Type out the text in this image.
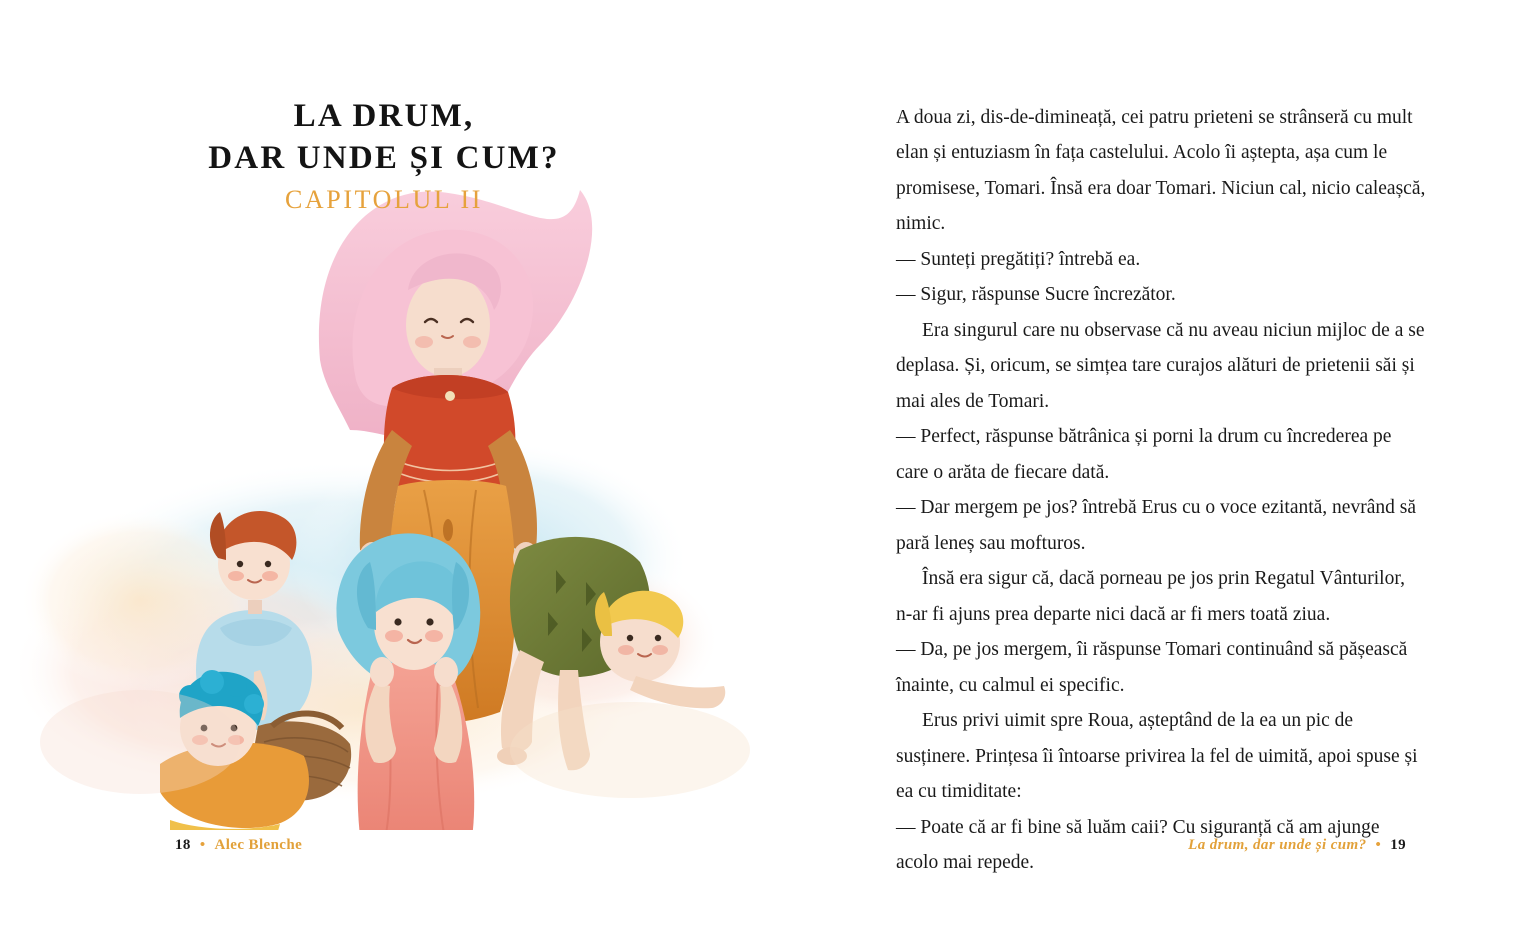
LA DRUM,
DAR UNDE ȘI CUM?
CAPITOLUL II
18 • Alec Blenche

A doua zi, dis-de-dimineață, cei patru prieteni se strânseră cu mult elan și entuziasm în fața castelului. Acolo îi aștepta, așa cum le promisese, Tomari. Însă era doar Tomari. Niciun cal, nicio caleașcă, nimic.

— Sunteți pregătiți? întrebă ea.

— Sigur, răspunse Sucre încrezător.

Era singurul care nu observase că nu aveau niciun mijloc de a se deplasa. Și, oricum, se simțea tare curajos alături de prietenii săi și mai ales de Tomari.

— Perfect, răspunse bătrânica și porni la drum cu încrederea pe care o arăta de fiecare dată.

— Dar mergem pe jos? întrebă Erus cu o voce ezitantă, nevrând să pară leneș sau mofturos.

Însă era sigur că, dacă porneau pe jos prin Regatul Vânturilor, n-ar fi ajuns prea departe nici dacă ar fi mers toată ziua.

— Da, pe jos mergem, îi răspunse Tomari continuând să pășească înainte, cu calmul ei specific.

Erus privi uimit spre Roua, așteptând de la ea un pic de susținere. Prințesa îi întoarse privirea la fel de uimită, apoi spuse și ea cu timiditate:

— Poate că ar fi bine să luăm caii? Cu siguranță că am ajunge acolo mai repede.

La drum, dar unde și cum? • 19
